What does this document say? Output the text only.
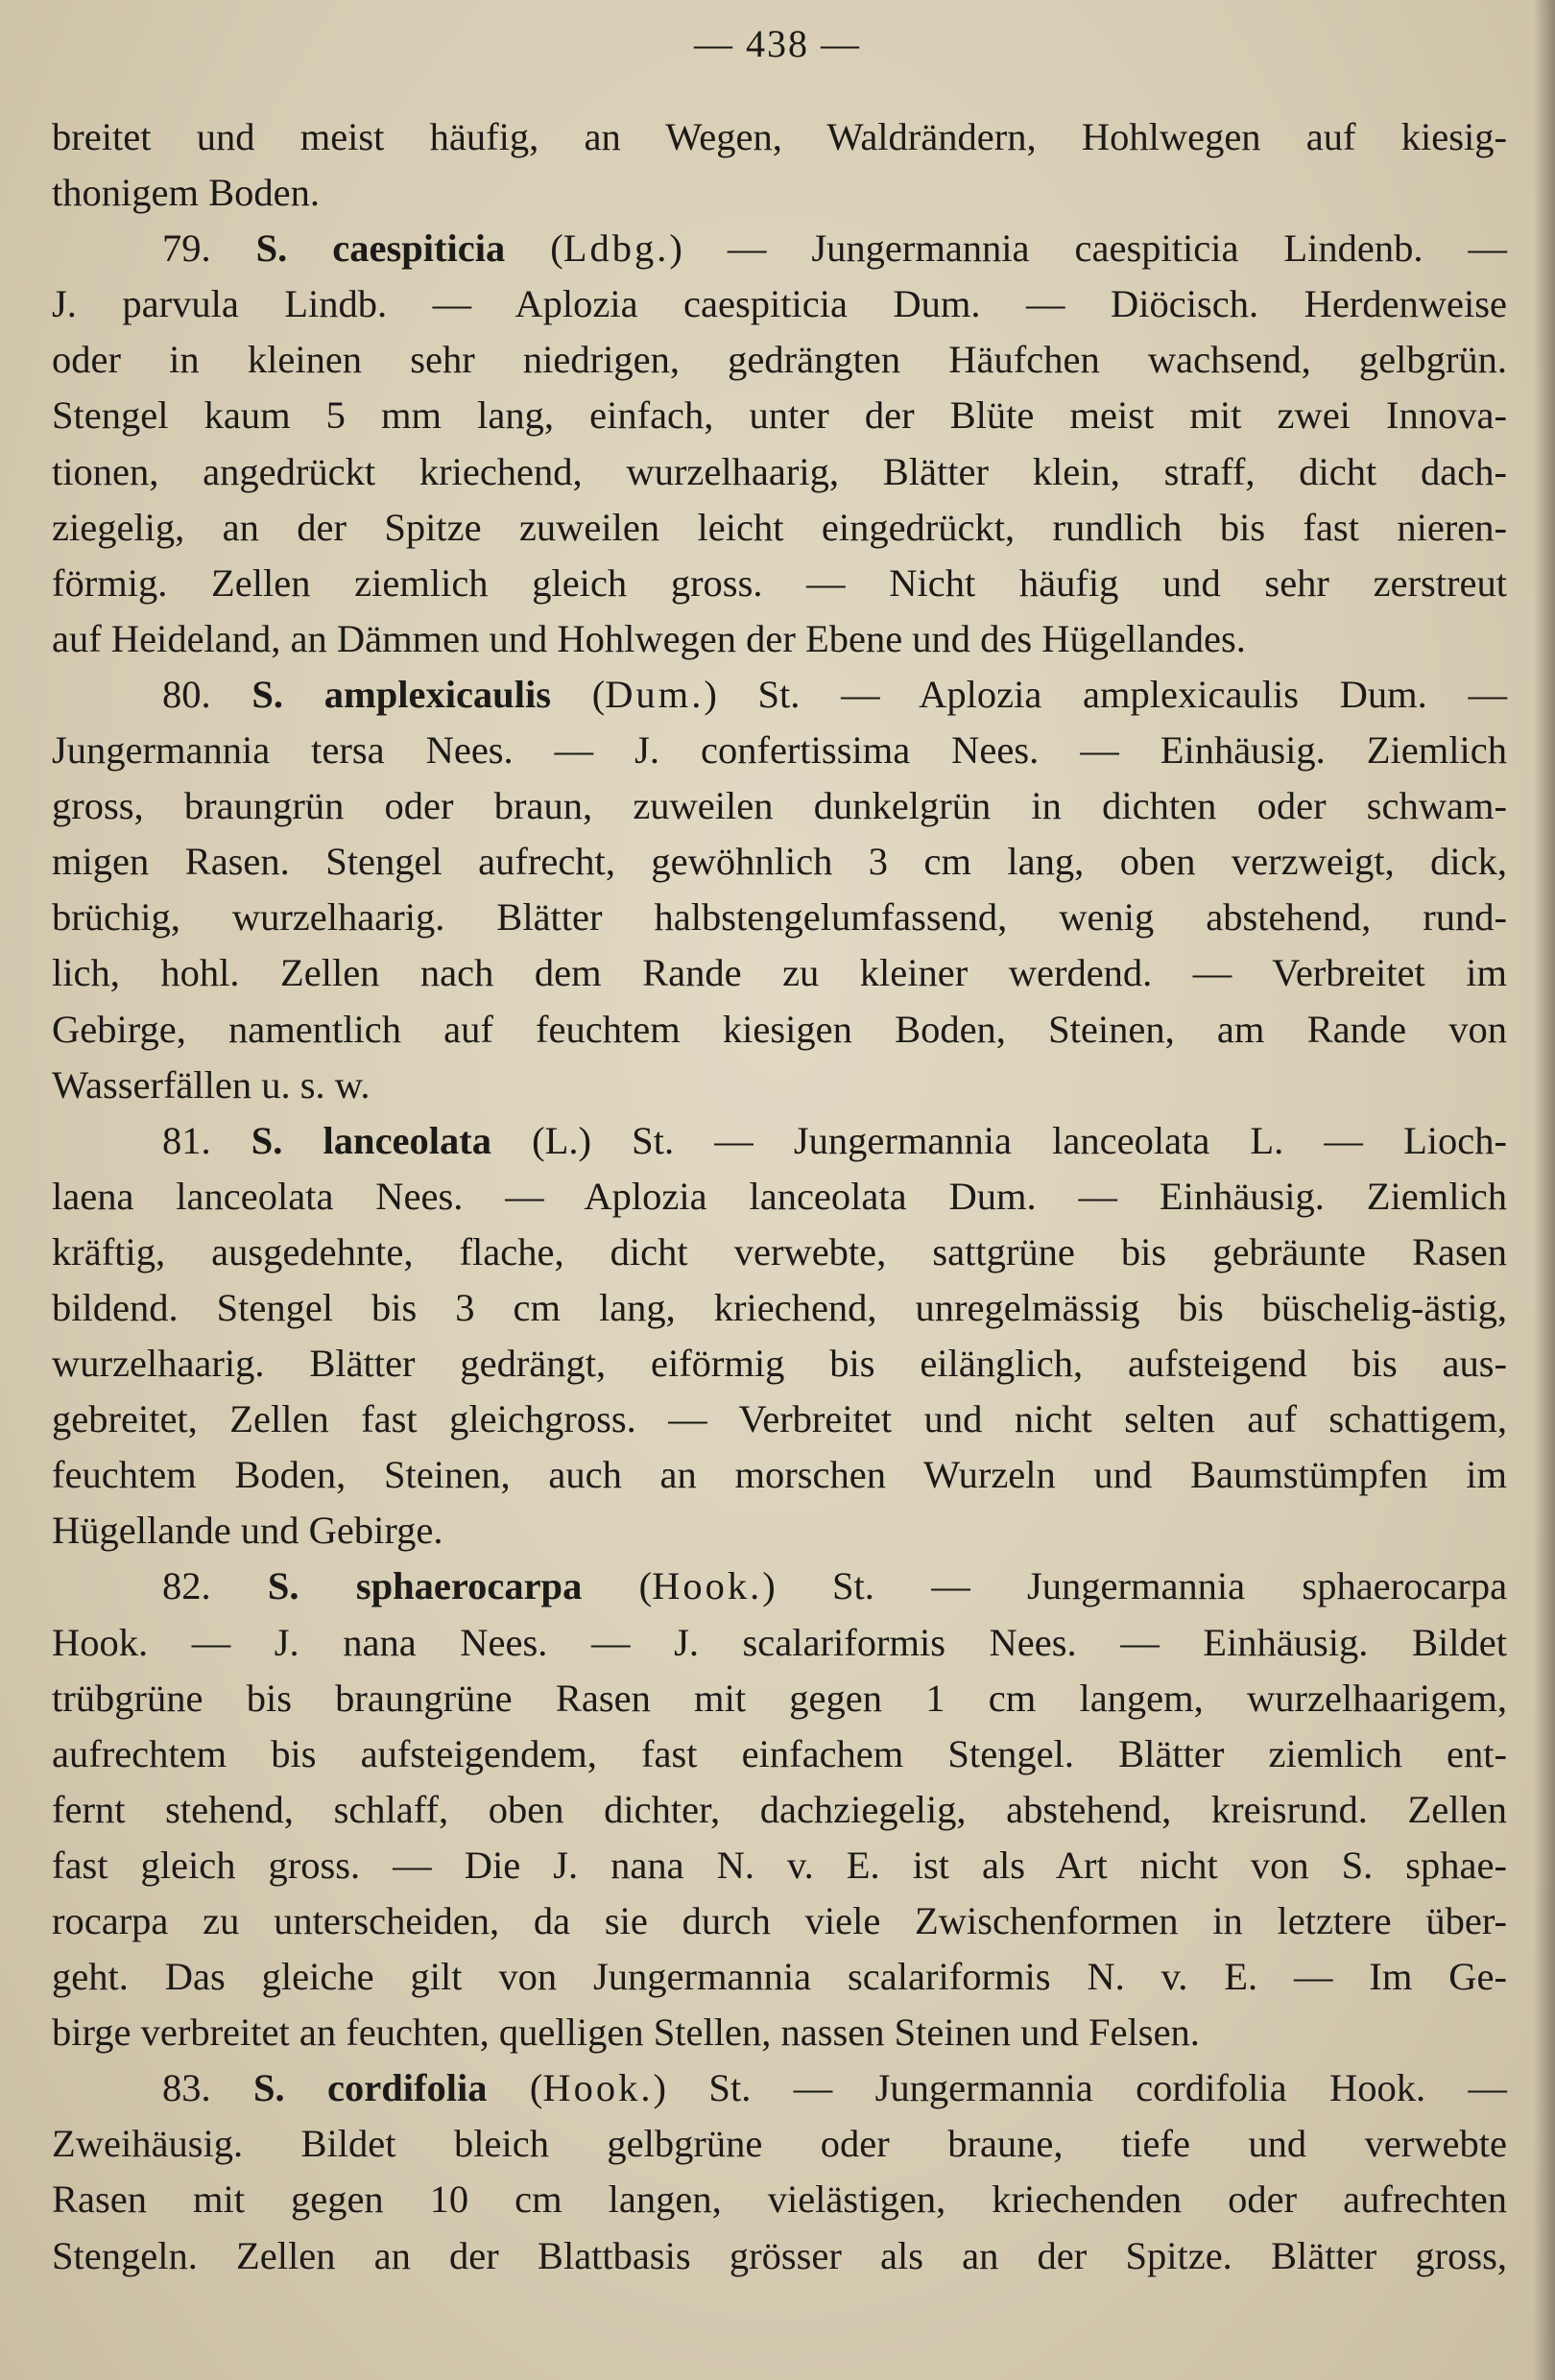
— 438 —
breitet und meist häufig, an Wegen, Waldrändern, Hohlwegen auf kiesig-
thonigem Boden.
79. S. caespiticia (Ldbg.) — Jungermannia caespiticia Lindenb. —
J. parvula Lindb. — Aplozia caespiticia Dum. — Diöcisch. Herdenweise
oder in kleinen sehr niedrigen, gedrängten Häufchen wachsend, gelbgrün.
Stengel kaum 5 mm lang, einfach, unter der Blüte meist mit zwei Innova-
tionen, angedrückt kriechend, wurzelhaarig, Blätter klein, straff, dicht dach-
ziegelig, an der Spitze zuweilen leicht eingedrückt, rundlich bis fast nieren-
förmig. Zellen ziemlich gleich gross. — Nicht häufig und sehr zerstreut
auf Heideland, an Dämmen und Hohlwegen der Ebene und des Hügellandes.
80. S. amplexicaulis (Dum.) St. — Aplozia amplexicaulis Dum. —
Jungermannia tersa Nees. — J. confertissima Nees. — Einhäusig. Ziemlich
gross, braungrün oder braun, zuweilen dunkelgrün in dichten oder schwam-
migen Rasen. Stengel aufrecht, gewöhnlich 3 cm lang, oben verzweigt, dick,
brüchig, wurzelhaarig. Blätter halbstengelumfassend, wenig abstehend, rund-
lich, hohl. Zellen nach dem Rande zu kleiner werdend. — Verbreitet im
Gebirge, namentlich auf feuchtem kiesigen Boden, Steinen, am Rande von
Wasserfällen u. s. w.
81. S. lanceolata (L.) St. — Jungermannia lanceolata L. — Lioch-
laena lanceolata Nees. — Aplozia lanceolata Dum. — Einhäusig. Ziemlich
kräftig, ausgedehnte, flache, dicht verwebte, sattgrüne bis gebräunte Rasen
bildend. Stengel bis 3 cm lang, kriechend, unregelmässig bis büschelig-ästig,
wurzelhaarig. Blätter gedrängt, eiförmig bis eilänglich, aufsteigend bis aus-
gebreitet, Zellen fast gleichgross. — Verbreitet und nicht selten auf schattigem,
feuchtem Boden, Steinen, auch an morschen Wurzeln und Baumstümpfen im
Hügellande und Gebirge.
82. S. sphaerocarpa (Hook.) St. — Jungermannia sphaerocarpa
Hook. — J. nana Nees. — J. scalariformis Nees. — Einhäusig. Bildet
trübgrüne bis braungrüne Rasen mit gegen 1 cm langem, wurzelhaarigem,
aufrechtem bis aufsteigendem, fast einfachem Stengel. Blätter ziemlich ent-
fernt stehend, schlaff, oben dichter, dachziegelig, abstehend, kreisrund. Zellen
fast gleich gross. — Die J. nana N. v. E. ist als Art nicht von S. sphae-
rocarpa zu unterscheiden, da sie durch viele Zwischenformen in letztere über-
geht. Das gleiche gilt von Jungermannia scalariformis N. v. E. — Im Ge-
birge verbreitet an feuchten, quelligen Stellen, nassen Steinen und Felsen.
83. S. cordifolia (Hook.) St. — Jungermannia cordifolia Hook. —
Zweihäusig. Bildet bleich gelbgrüne oder braune, tiefe und verwebte
Rasen mit gegen 10 cm langen, vielästigen, kriechenden oder aufrechten
Stengeln. Zellen an der Blattbasis grösser als an der Spitze. Blätter gross,
